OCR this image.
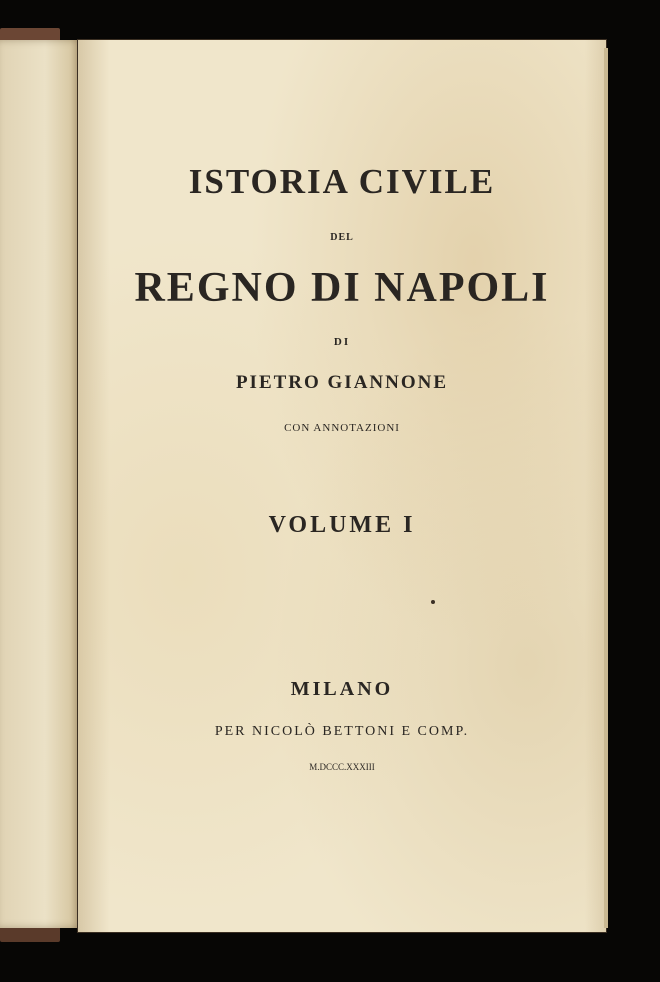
ISTORIA CIVILE
DEL
REGNO DI NAPOLI
DI
PIETRO GIANNONE
CON ANNOTAZIONI
VOLUME I
MILANO
PER NICOLÒ BETTONI E COMP.
M.DCCC.XXXIII
